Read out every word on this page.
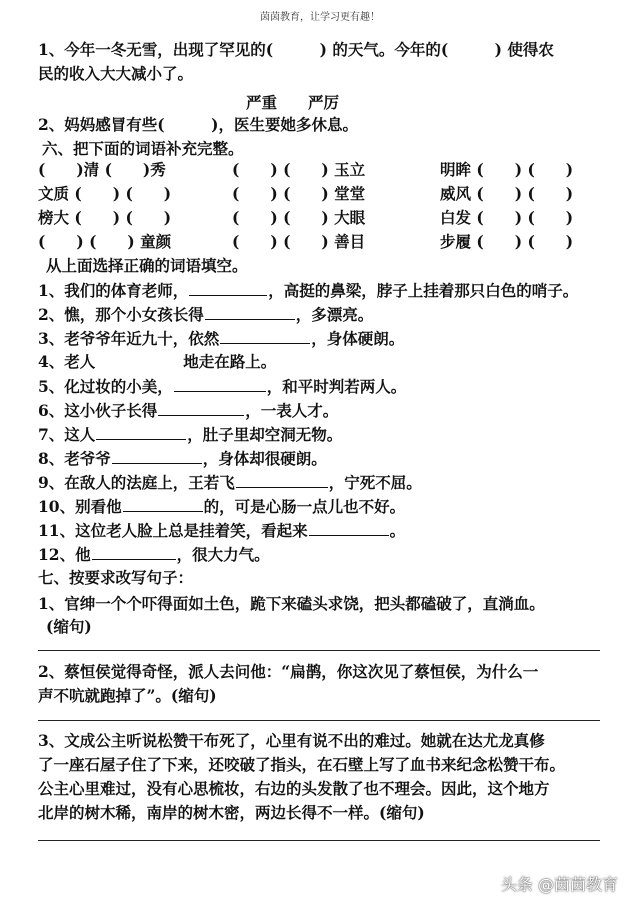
茵茵教育，让学习更有趣！
1、今年一冬无雪，出现了罕见的(　　　) 的天气。今年的(　　　) 使得农
民的收入大大减小了。
严重　　严厉
2、妈妈感冒有些(　　　)，医生要她多休息。
六、把下面的词语补充完整。
(　　)清 (　　)秀	(　　) (　　) 玉立	明眸 (　　) (　　)
文质 (　　) (　　)	(　　) (　　) 堂堂	威风 (　　) (　　)
榜大 (　　) (　　)	(　　) (　　) 大眼	白发 (　　) (　　)
(　　) (　　) 童颜	(　　) (　　) 善目	步履 (　　) (　　)
从上面选择正确的词语填空。
1、我们的体育老师，	，高挺的鼻梁，脖子上挂着那只白色的哨子。
2、憔，那个小女孩长得	，多漂亮。
3、老爷爷年近九十，依然	，身体硬朗。
4、老人	地走在路上。
5、化过妆的小美，	，和平时判若两人。
6、这小伙子长得	，一表人才。
7、这人	，肚子里却空洞无物。
8、老爷爷	，身体却很硬朗。
9、在敌人的法庭上，王若飞	，宁死不屈。
10、别看他	的，可是心肠一点儿也不好。
11、这位老人脸上总是挂着笑，看起来	。
12、他	，很大力气。
七、按要求改写句子：
1、官绅一个个吓得面如土色，跪下来磕头求饶，把头都磕破了，直淌血。
(缩句)
2、蔡恒侯觉得奇怪，派人去问他：“扁鹊，你这次见了蔡恒侯，为什么一
声不吭就跑掉了”。(缩句)
3、文成公主听说松赞干布死了，心里有说不出的难过。她就在达尤龙真修
了一座石屋子住了下来，还咬破了指头，在石壁上写了血书来纪念松赞干布。
公主心里难过，没有心思梳妆，右边的头发散了也不理会。因此，这个地方
北岸的树木稀，南岸的树木密，两边长得不一样。(缩句)
头条 @茵茵教育
